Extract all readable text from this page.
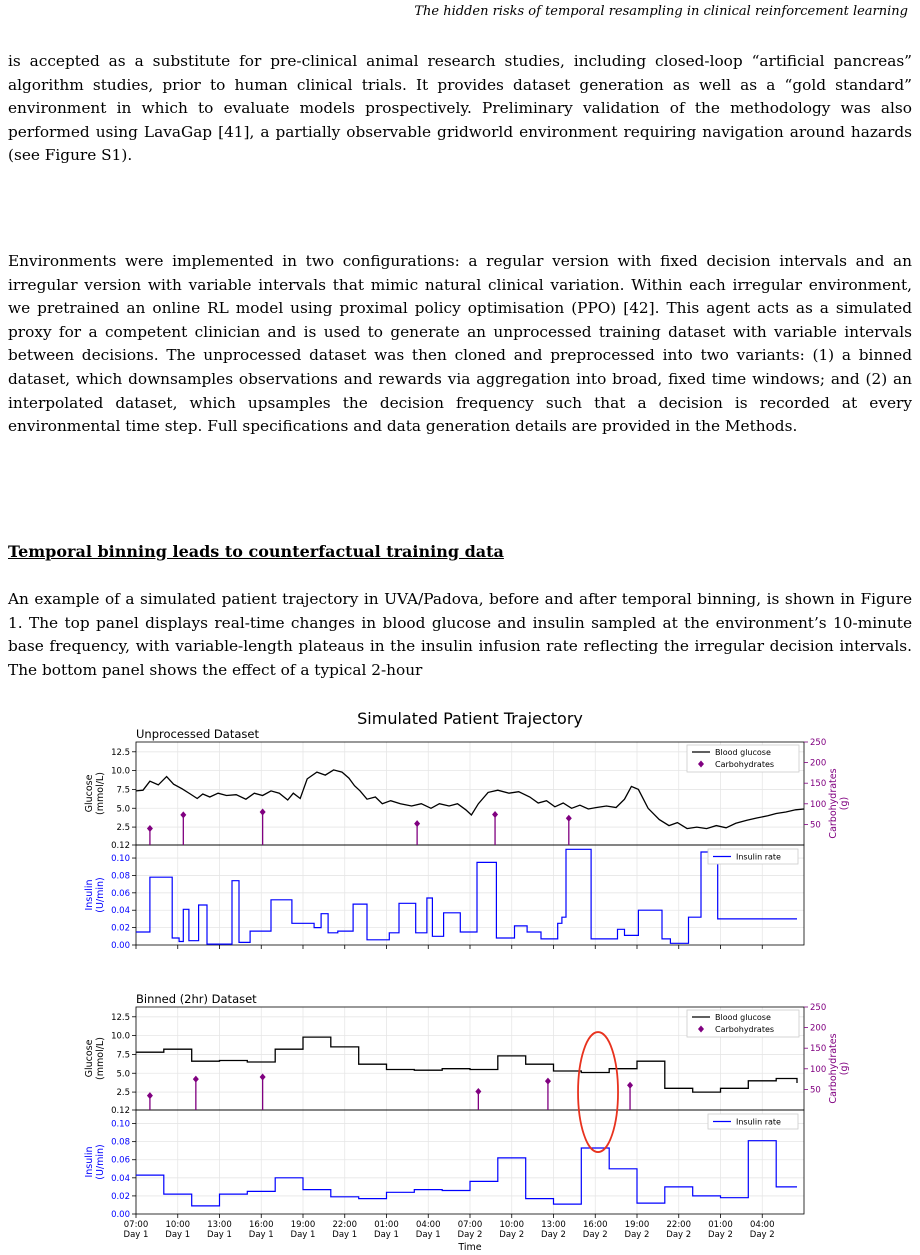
The hidden risks of temporal resampling in clinical reinforcement learning

is accepted as a substitute for pre-clinical animal research studies, including closed-loop “artificial pancreas” algorithm studies, prior to human clinical trials. It provides dataset generation as well as a “gold standard” environment in which to evaluate models prospectively. Preliminary validation of the methodology was also performed using LavaGap [41], a partially observable gridworld environment requiring navigation around hazards (see Figure S1).

Environments were implemented in two configurations: a regular version with fixed decision intervals and an irregular version with variable intervals that mimic natural clinical variation. Within each irregular environment, we pretrained an online RL model using proximal policy optimisation (PPO) [42]. This agent acts as a simulated proxy for a competent clinician and is used to generate an unprocessed training dataset with variable intervals between decisions. The unprocessed dataset was then cloned and preprocessed into two variants: (1) a binned dataset, which downsamples observations and rewards via aggregation into broad, fixed time windows; and (2) an interpolated dataset, which upsamples the decision frequency such that a decision is recorded at every environmental time step. Full specifications and data generation details are provided in the Methods.

Temporal binning leads to counterfactual training data

An example of a simulated patient trajectory in UVA/Padova, before and after temporal binning, is shown in Figure 1. The top panel displays real-time changes in blood glucose and insulin sampled at the environment’s 10-minute base frequency, with variable-length plateaus in the insulin infusion rate reflecting the irregular decision intervals. The bottom panel shows the effect of a typical 2-hour

Simulated Patient Trajectory
Unprocessed Dataset
0.12
2.5
5.0
7.5
10.0
12.5
Glucose (mmol/L)
50
100
150
200
250
Carbohydrates (g)
0.00
0.02
0.04
0.06
0.08
0.10
Insulin (U/min)
Blood glucose
Carbohydrates
Insulin rate
Binned (2hr) Dataset
0.12
2.5
5.0
7.5
10.0
12.5
Glucose (mmol/L)
50
100
150
200
250
Carbohydrates (g)
0.00
0.02
0.04
0.06
0.08
0.10
Insulin (U/min)
Blood glucose
Carbohydrates
Insulin rate
07:00
Day 1
10:00
Day 1
13:00
Day 1
16:00
Day 1
19:00
Day 1
22:00
Day 1
01:00
Day 1
04:00
Day 1
07:00
Day 2
10:00
Day 2
13:00
Day 2
16:00
Day 2
19:00
Day 2
22:00
Day 2
01:00
Day 2
04:00
Day 2
Time
